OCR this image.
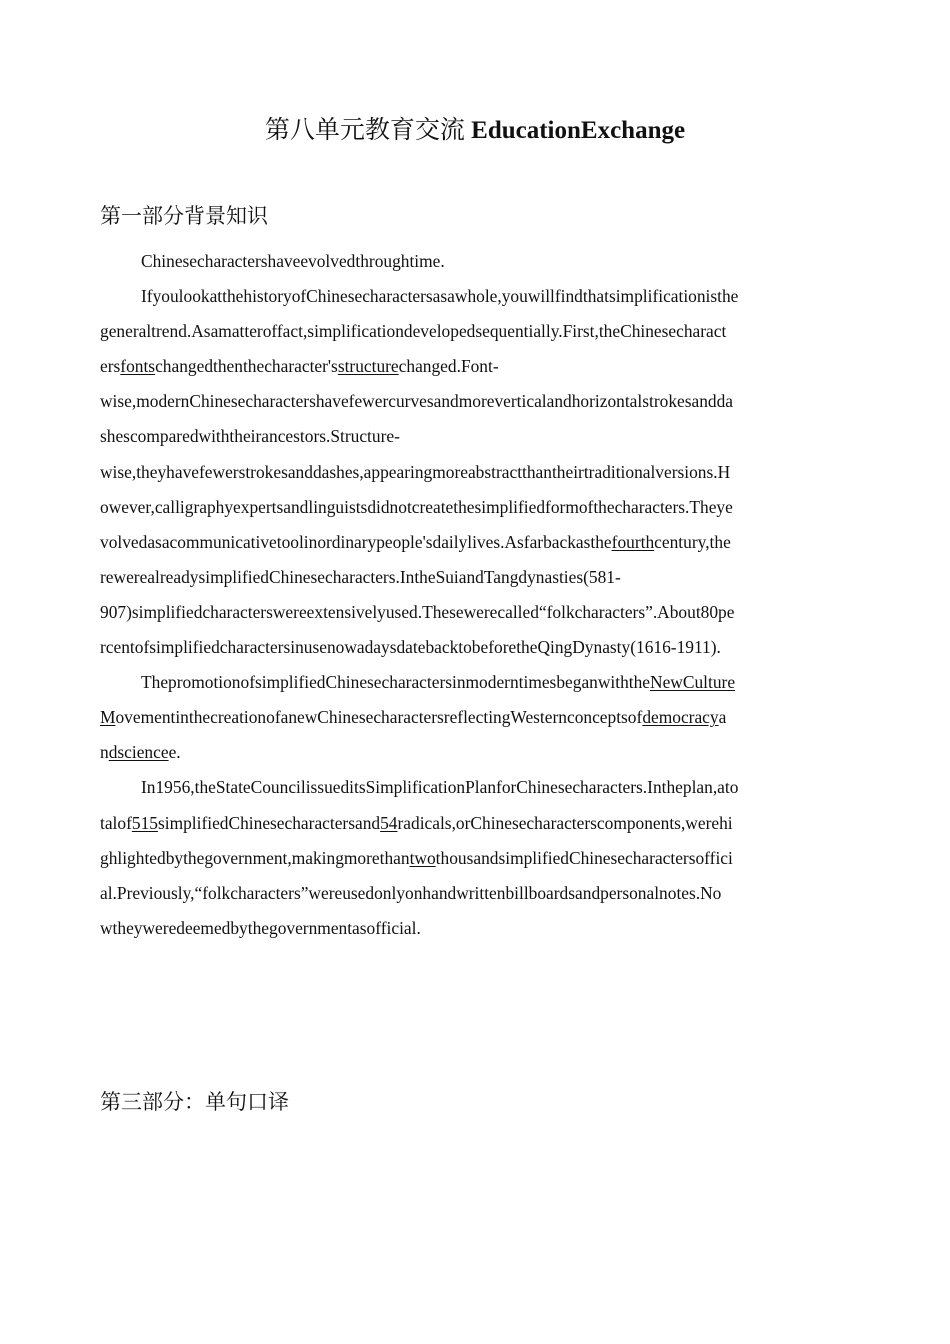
第八单元教育交流 EducationExchange
第一部分背景知识

Chinesecharactershaveevolvedthroughtime.

IfyoulookatthehistoryofChinesecharactersasawhole,youwillfindthatsimplificationisthe
generaltrend.Asamatteroffact,simplificationdevelopedsequentially.First,theChinesecharact
ersfontschangedthenthecharacter'sstructurechanged.Font-
wise,modernChinesecharactershavefewercurvesandmoreverticalandhorizontalstrokesandda
shescomparedwiththeirancestors.Structure-
wise,theyhavefewerstrokesanddashes,appearingmoreabstractthantheirtraditionalversions.H
owever,calligraphyexpertsandlinguistsdidnotcreatethesimplifiedformofthecharacters.Theye
volvedasacommunicativetoolinordinarypeople'sdailylives.Asfarbackasthefourthcentury,the
rewerealreadysimplifiedChinesecharacters.IntheSuiandTangdynasties(581-
907)simplifiedcharacterswereextensivelyused.Thesewerecalled“folkcharacters”.About80pe
rcentofsimplifiedcharactersinusenowadaysdatebacktobeforetheQingDynasty(1616-1911).

ThepromotionofsimplifiedChinesecharactersinmoderntimesbeganwiththeNewCulture
MovementinthecreationofanewChinesecharactersreflectingWesternconceptsofdemocracya
ndsciencee.

In1956,theStateCouncilissueditsSimplificationPlanforChinesecharacters.Intheplan,ato
talof515simplifiedChinesecharactersand54radicals,orChinesecharacterscomponents,werehi
ghlightedbythegovernment,makingmorethantwothousandsimplifiedChinesecharactersoffici
al.Previously,“folkcharacters”wereusedonlyonhandwrittenbillboardsandpersonalnotes.No
wtheyweredeemedbythegovernmentasofficial.

第三部分：单句口译
